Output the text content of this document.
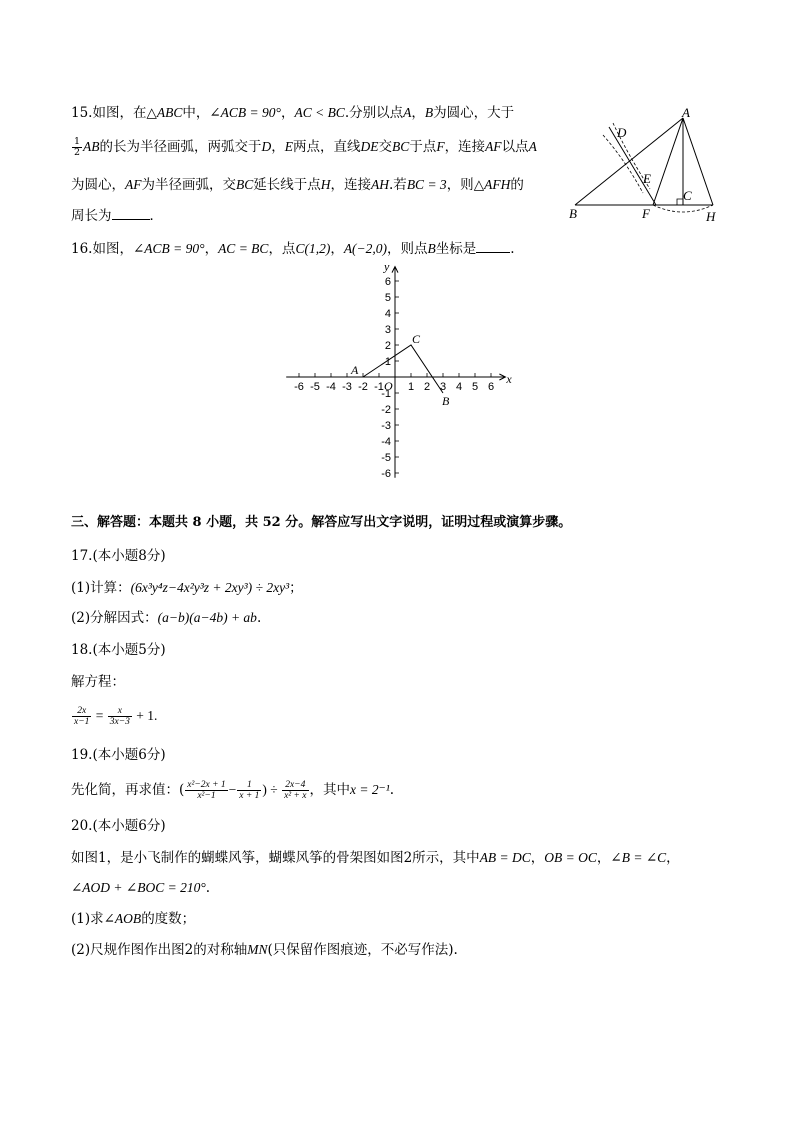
15.如图，在△ABC中，∠ACB = 90°，AC < BC.分别以点A，B为圆心，大于
$\frac{1}{2}$ AB的长为半径画弧，两弧交于D，E两点，直线DE交BC于点F，连接AF以点A
为圆心，AF为半径画弧，交BC延长线于点H，连接AH.若BC = 3，则△AFH的
周长为	．
A
B
C
D
E
F	H
16.如图，∠ACB = 90°，AC = BC，点C(1,2)，A(−2,0)，则点B坐标是	.
-6 -5 -4 -3 -2 -1 1 2 3 4 5 6
6
5
4
3
2
1
-1
-2
-3
-4
-5
-6
x
y
O
A
C
B
三、解答题：本题共 8 小题，共 52 分。解答应写出文字说明，证明过程或演算步骤。
17.(本小题8分)
(1)计算：(6x³y⁴z−4x²y³z + 2xy³) ÷ 2xy³；
(2)分解因式：(a−b)(a−4b) + ab.
18.(本小题5分)
解方程：
$\frac{2x}{x-1} = \frac{x}{3x-3} + 1$.
19.(本小题6分)
先化简，再求值：( $\frac{\text{x²−2x + 1}}{\text{x²−1}} - \frac{1}{x + 1}$ ) ÷ $\frac{2x-4}{\text{x² + x}}$ ，其中x = 2⁻¹.
20.(本小题6分)
如图1，是小飞制作的蝴蝶风筝，蝴蝶风筝的骨架图如图2所示，其中AB = DC，OB = OC，∠B = ∠C，
∠AOD + ∠BOC = 210°.
(1)求∠AOB的度数；
(2)尺规作图作出图2的对称轴MN(只保留作图痕迹，不必写作法).
